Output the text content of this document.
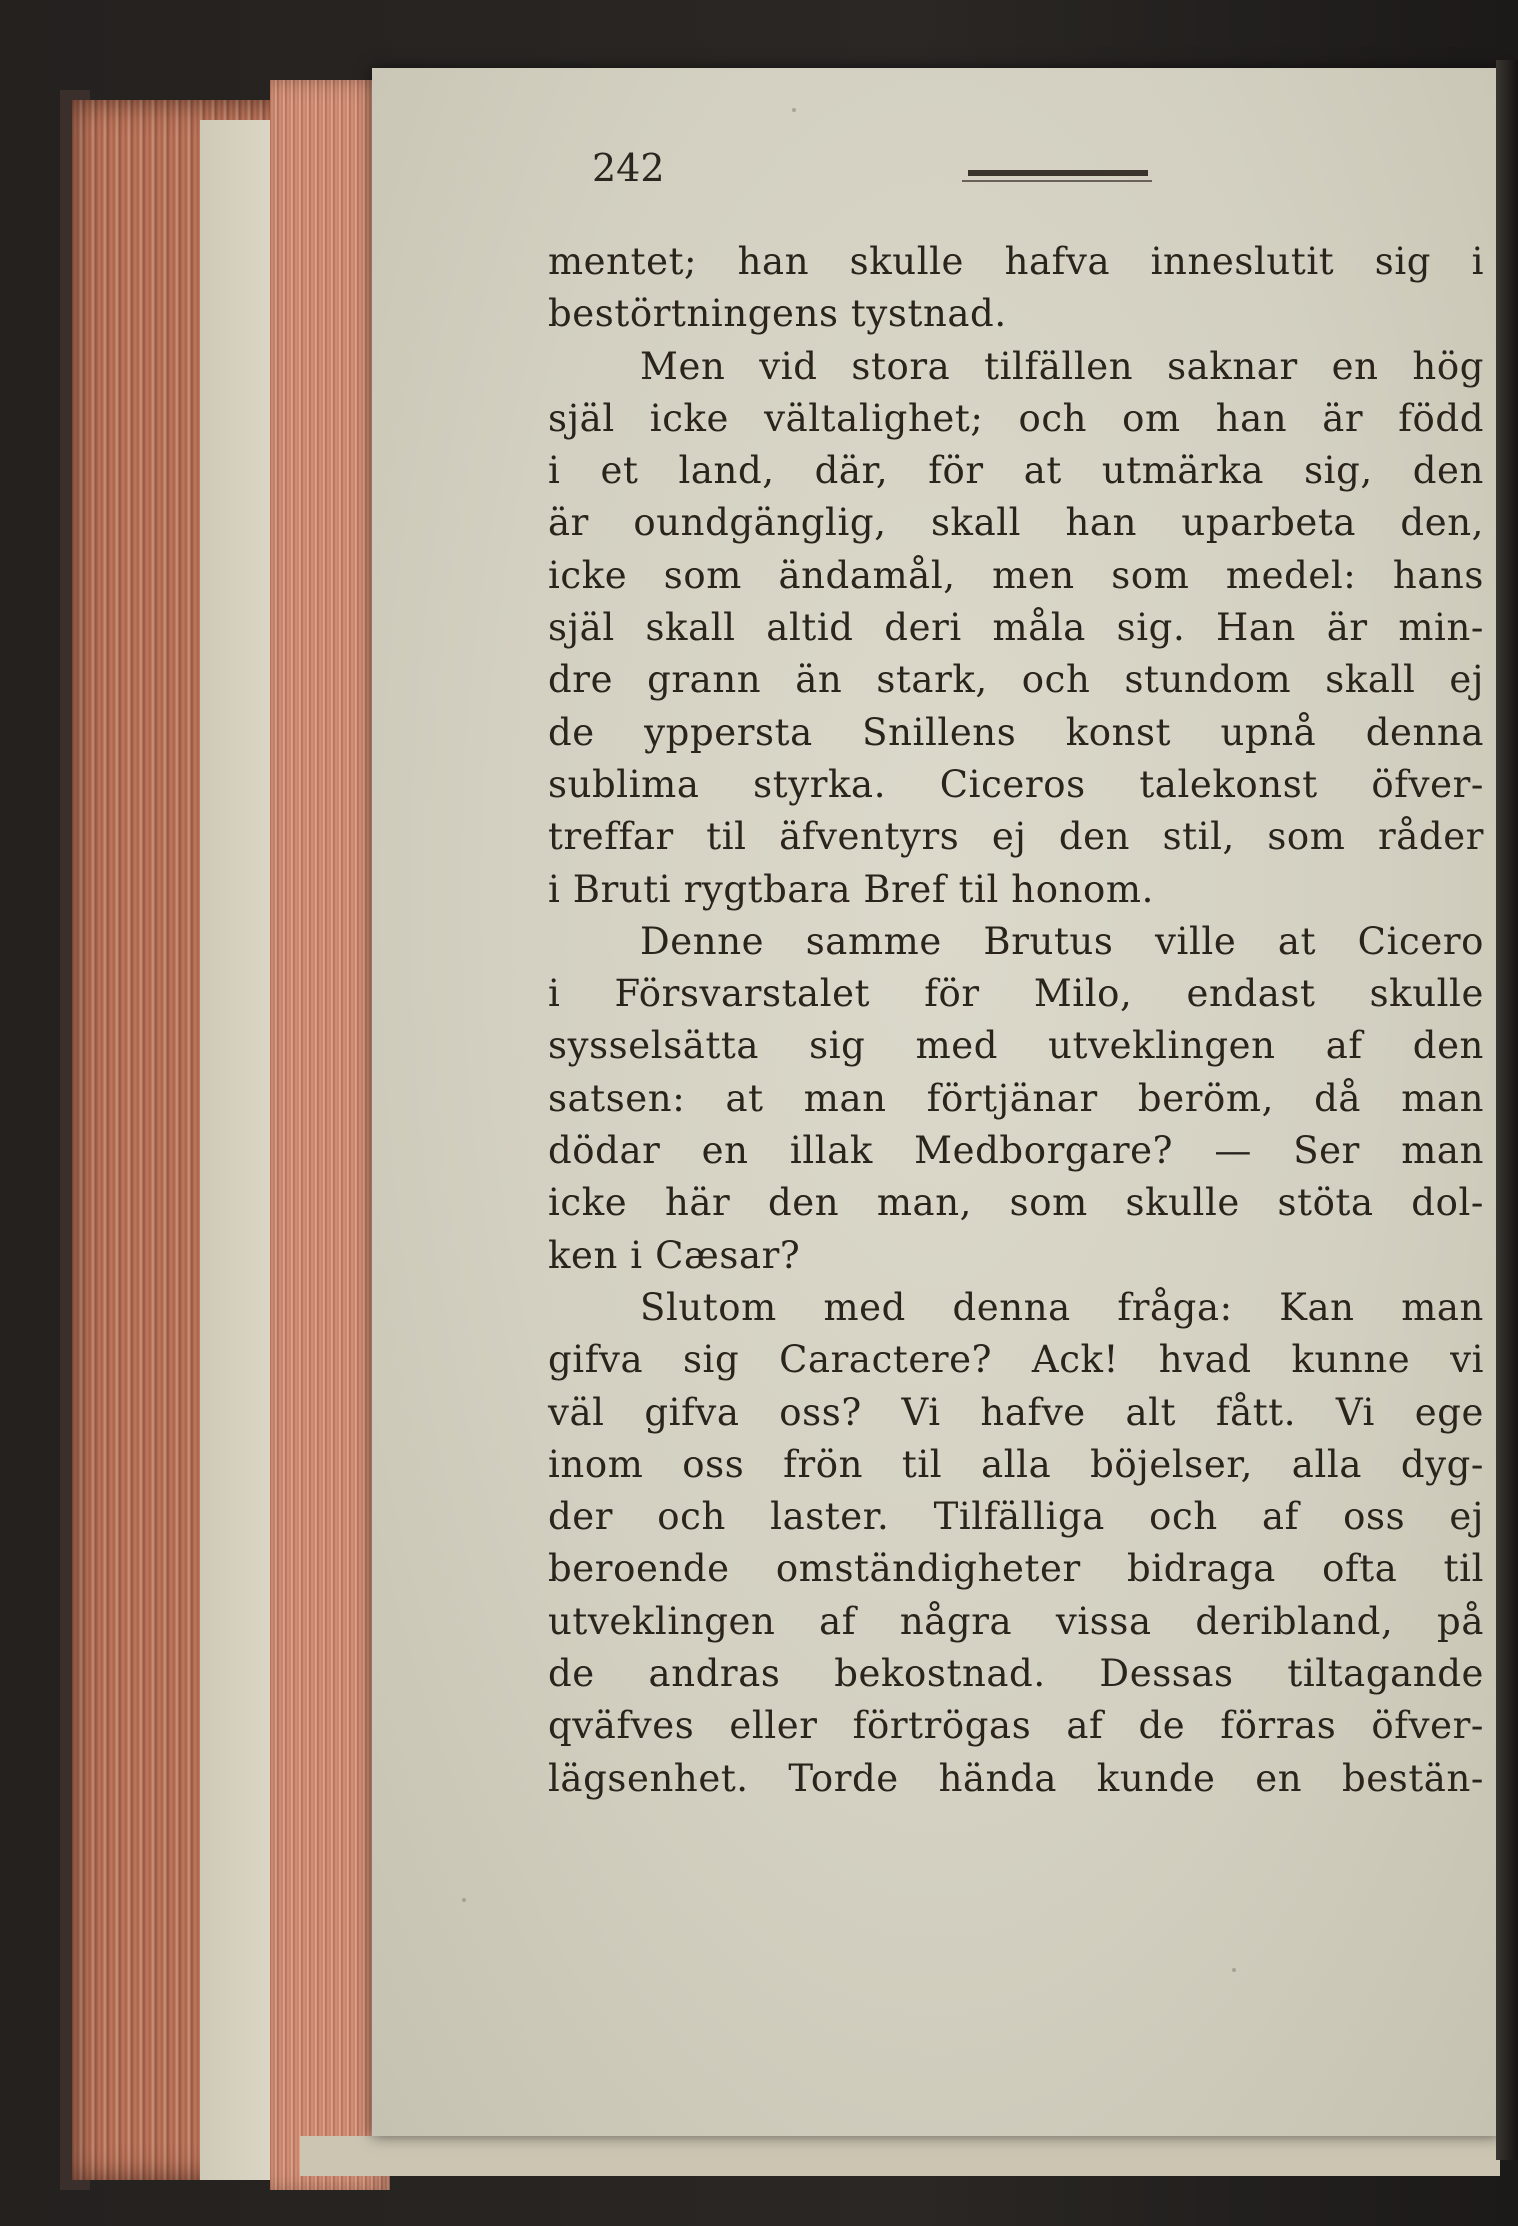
242
mentet; han skulle hafva inneslutit sig i
bestörtningens tystnad.
Men vid stora tilfällen saknar en hög
själ icke vältalighet; och om han är född
i et land, där, för at utmärka sig, den
är oundgänglig, skall han uparbeta den,
icke som ändamål, men som medel: hans
själ skall altid deri måla sig. Han är min-
dre grann än stark, och stundom skall ej
de yppersta Snillens konst upnå denna
sublima styrka. Ciceros talekonst öfver-
treffar til äfventyrs ej den stil, som råder
i Bruti rygtbara Bref til honom.
Denne samme Brutus ville at Cicero
i Försvarstalet för Milo, endast skulle
sysselsätta sig med utveklingen af den
satsen: at man förtjänar beröm, då man
dödar en illak Medborgare? — Ser man
icke här den man, som skulle stöta dol-
ken i Cæsar?
Slutom med denna fråga: Kan man
gifva sig Caractere? Ack! hvad kunne vi
väl gifva oss? Vi hafve alt fått. Vi ege
inom oss frön til alla böjelser, alla dyg-
der och laster. Tilfälliga och af oss ej
beroende omständigheter bidraga ofta til
utveklingen af några vissa deribland, på
de andras bekostnad. Dessas tiltagande
qväfves eller förtrögas af de förras öfver-
lägsenhet. Torde hända kunde en bestän-
